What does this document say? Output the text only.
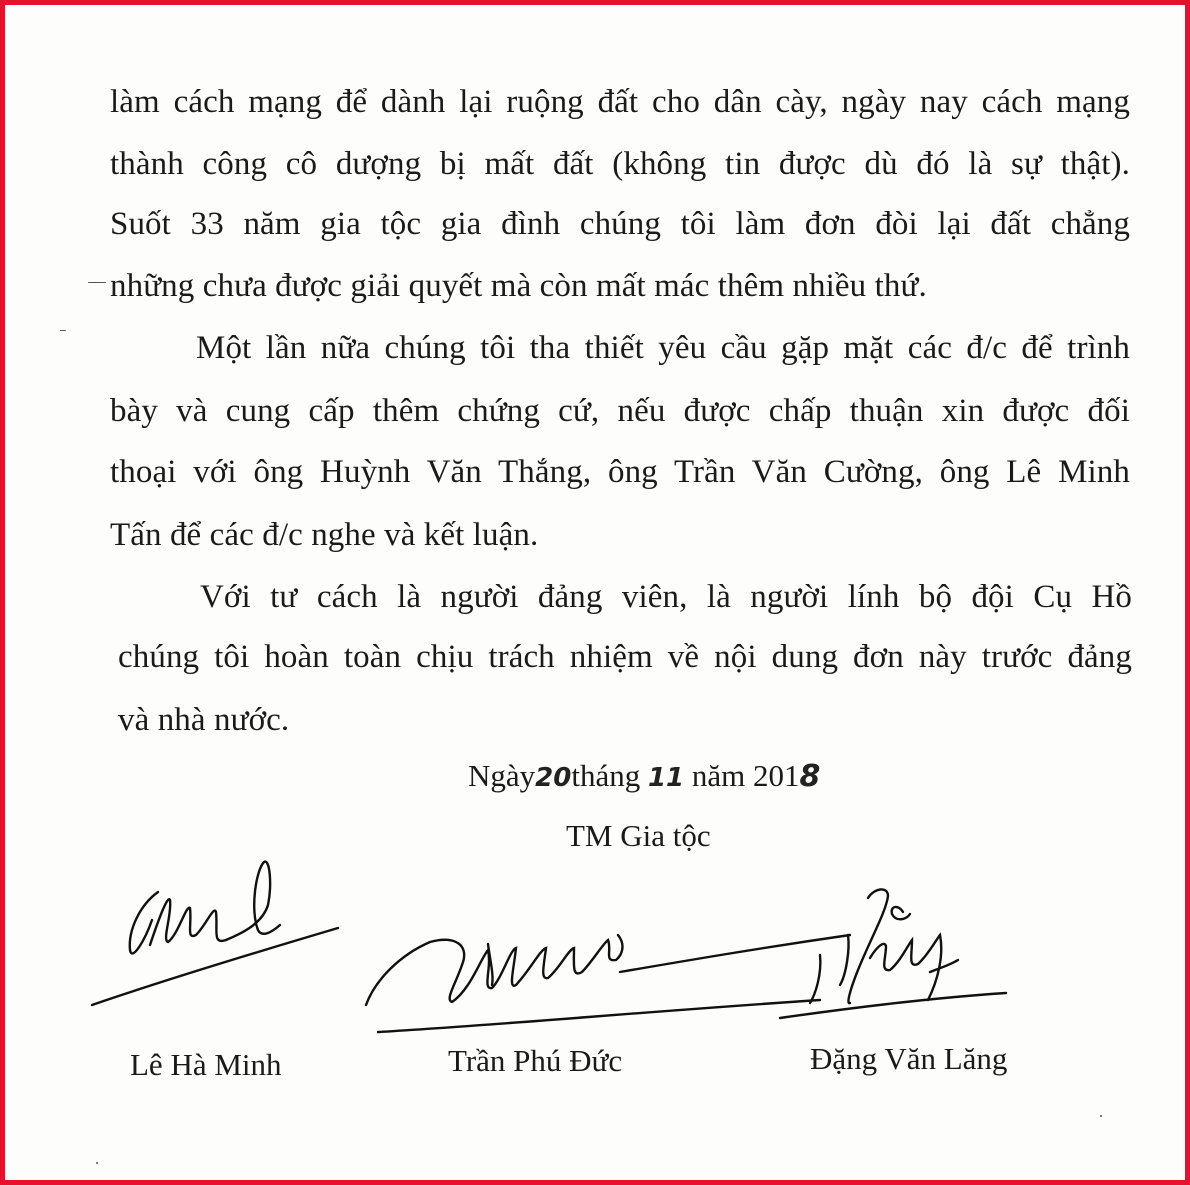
làm cách mạng để dành lại ruộng đất cho dân cày, ngày nay cách mạng
thành công cô dượng bị mất đất (không tin được dù đó là sự thật).
Suốt 33 năm gia tộc gia đình chúng tôi làm đơn đòi lại đất chẳng
những chưa được giải quyết mà còn mất mác thêm nhiều thứ.
Một lần nữa chúng tôi tha thiết yêu cầu gặp mặt các đ/c để trình
bày và cung cấp thêm chứng cứ, nếu được chấp thuận xin được đối
thoại với ông Huỳnh Văn Thắng, ông Trần Văn Cường, ông Lê Minh
Tấn để các đ/c nghe và kết luận.
Với tư cách là người đảng viên, là người lính bộ đội Cụ Hồ
chúng tôi hoàn toàn chịu trách nhiệm về nội dung đơn này trước đảng
và nhà nước.
Ngày20tháng 11 năm 2018
TM Gia tộc
Lê Hà Minh	Trần Phú Đức	Đặng Văn Lăng
